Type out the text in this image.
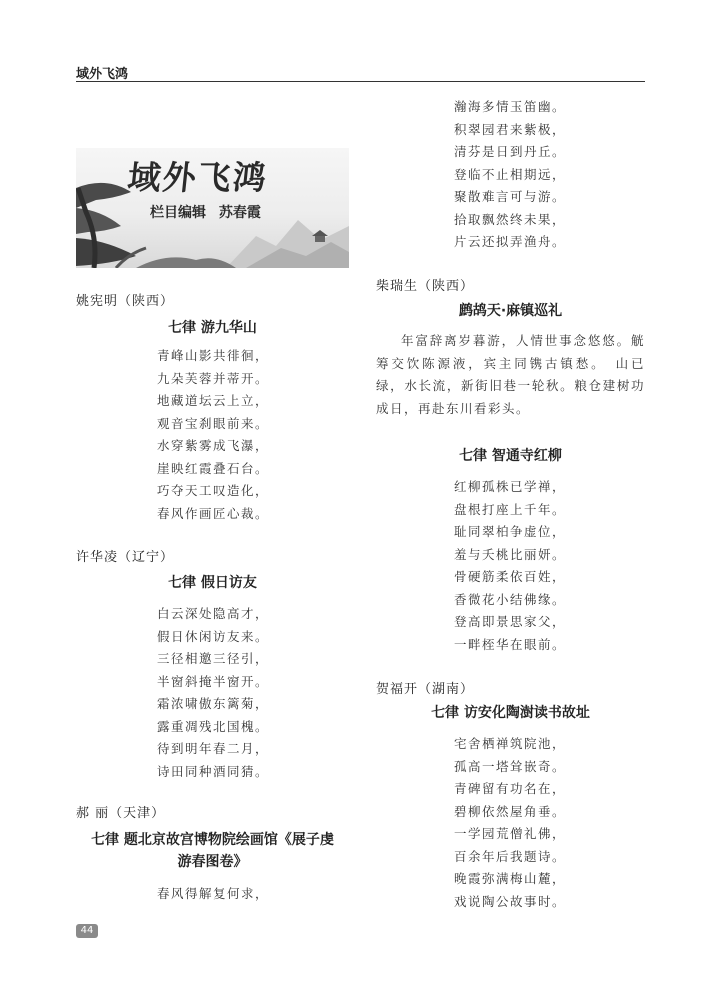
域外飞鸿
域外飞鸿
栏目编辑 苏春霞
姚宪明（陕西）
七律 游九华山
青峰山影共徘徊，
九朵芙蓉并蒂开。
地藏道坛云上立，
观音宝刹眼前来。
水穿紫雾成飞瀑，
崖映红霞叠石台。
巧夺天工叹造化，
春风作画匠心裁。
许华凌（辽宁）
七律 假日访友
白云深处隐高才，
假日休闲访友来。
三径相邀三径引，
半窗斜掩半窗开。
霜浓啸傲东篱菊，
露重凋残北国槐。
待到明年春二月，
诗田同种酒同猜。
郝 丽（天津）
七律 题北京故宫博物院绘画馆《展子虔
游春图卷》
春风得解复何求，
瀚海多情玉笛幽。
积翠园君来紫极，
清芬是日到丹丘。
登临不止相期远，
聚散难言可与游。
拾取飘然终未果，
片云还拟弄渔舟。
柴瑞生（陕西）
鹧鸪天·麻镇巡礼
年富辞离岁暮游，人情世事念悠悠。觥筹交饮陈源液，宾主同镌古镇愁。　山已绿，水长流，新街旧巷一轮秋。粮仓建树功成日，再赴东川看彩头。
七律 智通寺红柳
红柳孤株已学禅，
盘根打座上千年。
耻同翠柏争虚位，
羞与夭桃比丽妍。
骨硬筋柔依百姓，
香微花小结佛缘。
登高即景思家父，
一畔桎华在眼前。
贺福开（湖南）
七律 访安化陶澍读书故址
宅舍栖禅筑院池，
孤高一塔耸嵌奇。
青碑留有功名在，
碧柳依然屋角垂。
一学园荒僧礼佛，
百余年后我题诗。
晚霞弥满梅山麓，
戏说陶公故事时。
44
